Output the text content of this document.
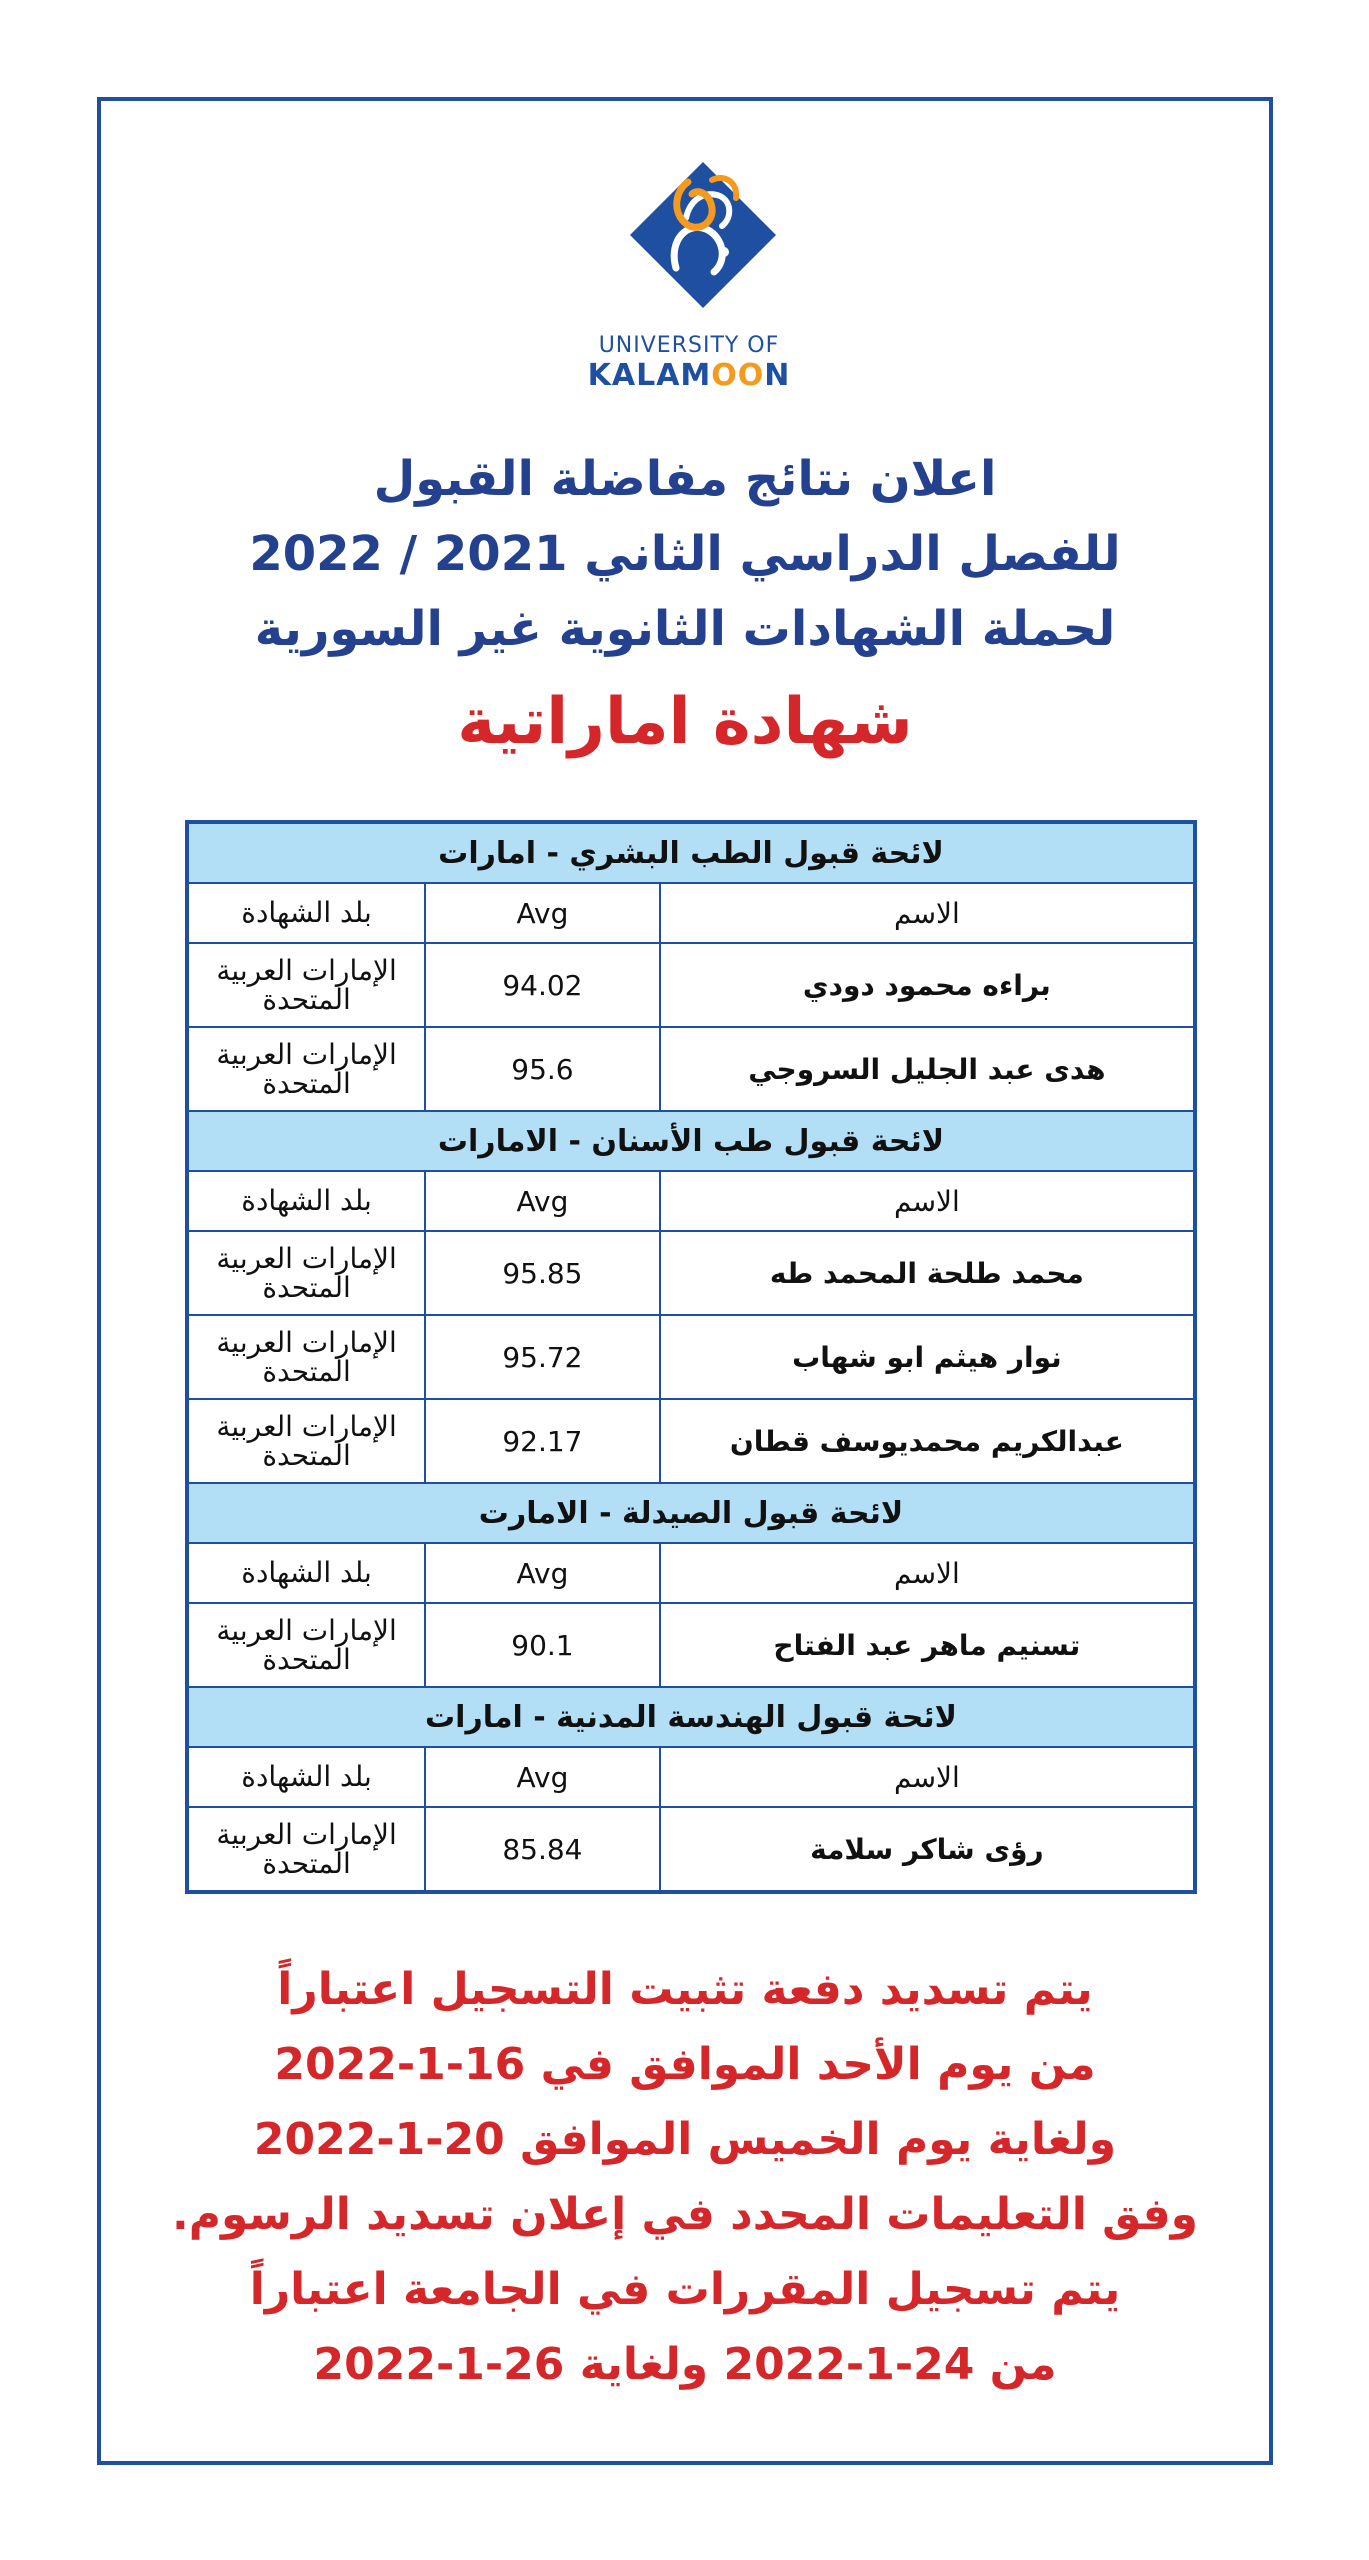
UNIVERSITY OF
KALAMOON
اعلان نتائج مفاضلة القبول
للفصل الدراسي الثاني 2021 / 2022
لحملة الشهادات الثانوية غير السورية
شهادة اماراتية
لائحة قبول الطب البشري - امارات		
الاسم	Avg	بلد الشهادة
براءه محمود دودي	94.02	الإمارات العربية المتحدة
هدى عبد الجليل السروجي	95.6	الإمارات العربية المتحدة
لائحة قبول طب الأسنان - الامارات		
الاسم	Avg	بلد الشهادة
محمد طلحة المحمد طه	95.85	الإمارات العربية المتحدة
نوار هيثم ابو شهاب	95.72	الإمارات العربية المتحدة
عبدالكريم محمديوسف قطان	92.17	الإمارات العربية المتحدة
لائحة قبول الصيدلة - الامارت		
الاسم	Avg	بلد الشهادة
تسنيم ماهر عبد الفتاح	90.1	الإمارات العربية المتحدة
لائحة قبول الهندسة المدنية - امارات		
الاسم	Avg	بلد الشهادة
رؤى شاكر سلامة	85.84	الإمارات العربية المتحدة
يتم تسديد دفعة تثبيت التسجيل اعتباراً
من يوم الأحد الموافق في 16-1-2022
ولغاية يوم الخميس الموافق 20-1-2022
وفق التعليمات المحدد في إعلان تسديد الرسوم.
يتم تسجيل المقررات في الجامعة اعتباراً
من 24-1-2022 ولغاية 26-1-2022
